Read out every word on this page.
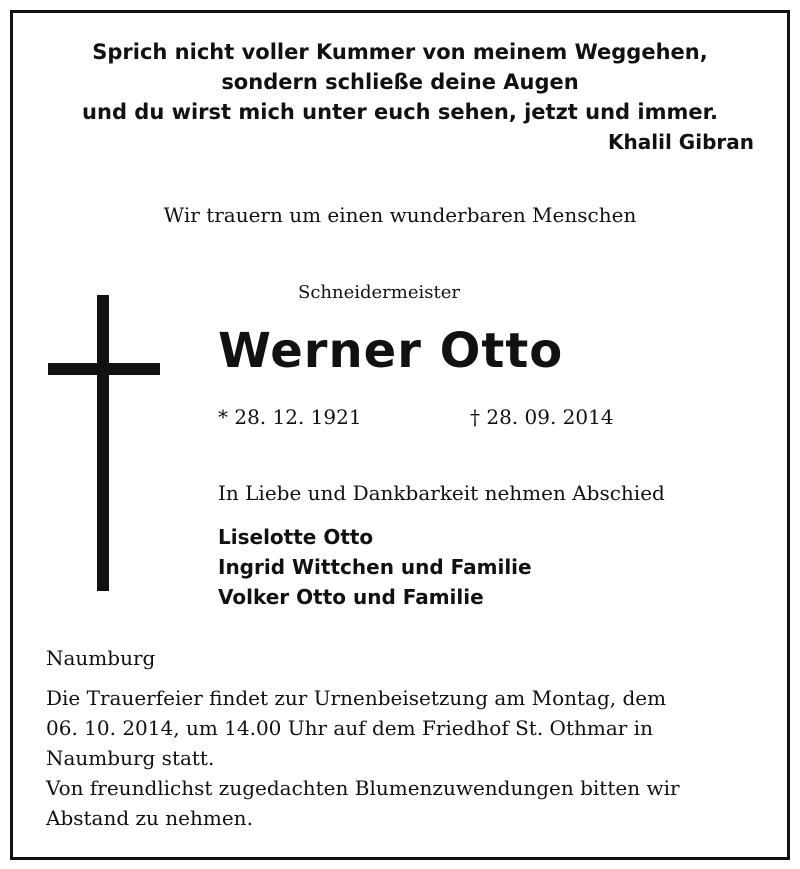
Sprich nicht voller Kummer von meinem Weggehen,
sondern schließe deine Augen
und du wirst mich unter euch sehen, jetzt und immer.
Khalil Gibran
Wir trauern um einen wunderbaren Menschen
Schneidermeister
Werner Otto
* 28. 12. 1921	† 28. 09. 2014
In Liebe und Dankbarkeit nehmen Abschied
Liselotte Otto
Ingrid Wittchen und Familie
Volker Otto und Familie
Naumburg
Die Trauerfeier findet zur Urnenbeisetzung am Montag, dem
06. 10. 2014, um 14.00 Uhr auf dem Friedhof St. Othmar in
Naumburg statt.
Von freundlichst zugedachten Blumenzuwendungen bitten wir
Abstand zu nehmen.
